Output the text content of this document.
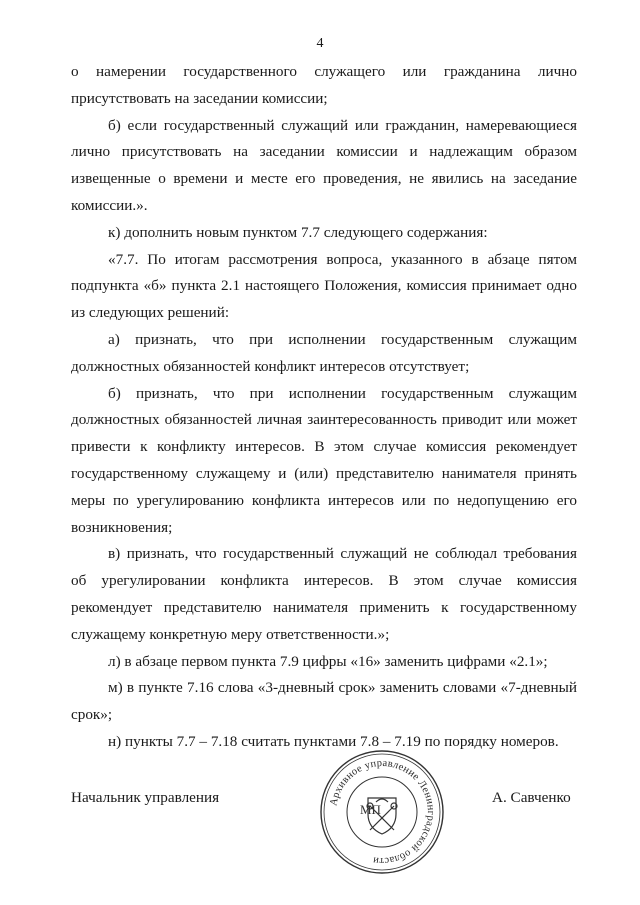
4

о намерении государственного служащего или гражданина лично присутствовать на заседании комиссии;

б) если государственный служащий или гражданин, намеревающиеся лично присутствовать на заседании комиссии и надлежащим образом извещенные о времени и месте его проведения, не явились на заседание комиссии.».

к) дополнить новым пунктом 7.7 следующего содержания:

«7.7. По итогам рассмотрения вопроса, указанного в абзаце пятом подпункта «б» пункта 2.1 настоящего Положения, комиссия принимает одно из следующих решений:

а) признать, что при исполнении государственным служащим должностных обязанностей конфликт интересов отсутствует;

б) признать, что при исполнении государственным служащим должностных обязанностей личная заинтересованность приводит или может привести к конфликту интересов. В этом случае комиссия рекомендует государственному служащему и (или) представителю нанимателя принять меры по урегулированию конфликта интересов или по недопущению его возникновения;

в) признать, что государственный служащий не соблюдал требования об урегулировании конфликта интересов. В этом случае комиссия рекомендует представителю нанимателя применить к государственному служащему конкретную меру ответственности.»;

л) в абзаце первом пункта 7.9 цифры «16» заменить цифрами «2.1»;

м) в пункте 7.16 слова «3-дневный срок» заменить словами «7-дневный срок»;

н) пункты 7.7 – 7.18 считать пунктами 7.8 – 7.19 по порядку номеров.

Начальник управления	А. Савченко
Архивное управление Ленинградской области
МП
